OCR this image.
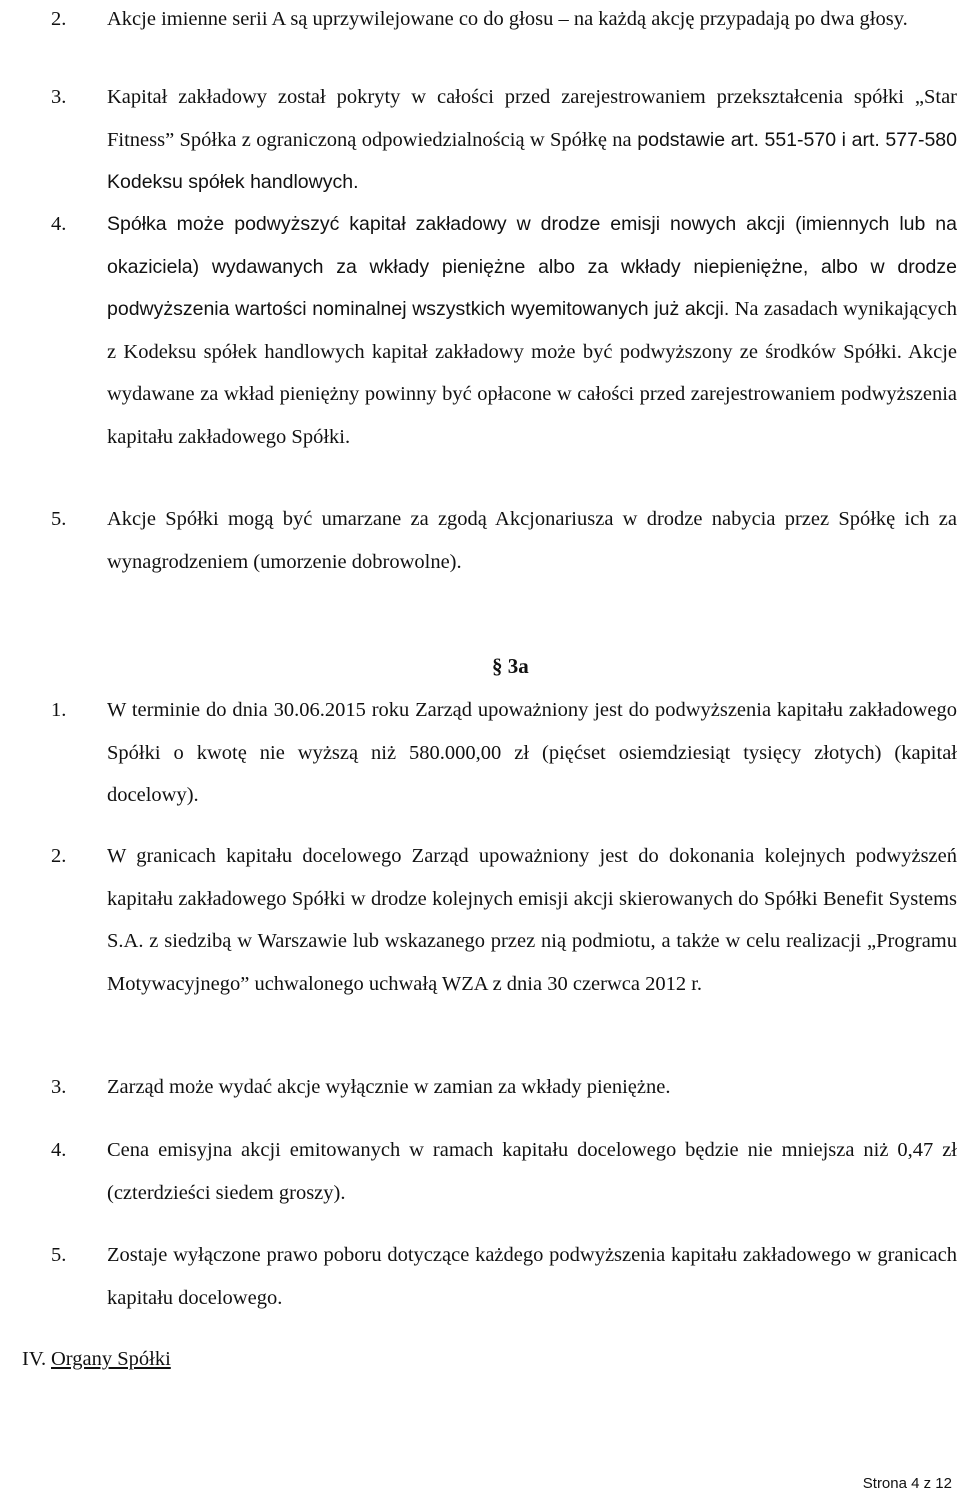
2. Akcje imienne serii A są uprzywilejowane co do głosu – na każdą akcję przypadają po dwa głosy.
3. Kapitał zakładowy został pokryty w całości przed zarejestrowaniem przekształcenia spółki „Star Fitness” Spółka z ograniczoną odpowiedzialnością w Spółkę na podstawie art. 551-570 i art. 577-580 Kodeksu spółek handlowych.
4. Spółka może podwyższyć kapitał zakładowy w drodze emisji nowych akcji (imiennych lub na okaziciela) wydawanych za wkłady pieniężne albo za wkłady niepieniężne, albo w drodze podwyższenia wartości nominalnej wszystkich wyemitowanych już akcji. Na zasadach wynikających z Kodeksu spółek handlowych kapitał zakładowy może być podwyższony ze środków Spółki. Akcje wydawane za wkład pieniężny powinny być opłacone w całości przed zarejestrowaniem podwyższenia kapitału zakładowego Spółki.
5. Akcje Spółki mogą być umarzane za zgodą Akcjonariusza w drodze nabycia przez Spółkę ich za wynagrodzeniem (umorzenie dobrowolne).
§ 3a
1. W terminie do dnia 30.06.2015 roku Zarząd upoważniony jest do podwyższenia kapitału zakładowego Spółki o kwotę nie wyższą niż 580.000,00 zł (pięćset osiemdziesiąt tysięcy złotych) (kapitał docelowy).
2. W granicach kapitału docelowego Zarząd upoważniony jest do dokonania kolejnych podwyższeń kapitału zakładowego Spółki w drodze kolejnych emisji akcji skierowanych do Spółki Benefit Systems S.A. z siedzibą w Warszawie lub wskazanego przez nią podmiotu, a także w celu realizacji „Programu Motywacyjnego” uchwalonego uchwałą WZA z dnia 30 czerwca 2012 r.
3. Zarząd może wydać akcje wyłącznie w zamian za wkłady pieniężne.
4. Cena emisyjna akcji emitowanych w ramach kapitału docelowego będzie nie mniejsza niż 0,47 zł (czterdzieści siedem groszy).
5. Zostaje wyłączone prawo poboru dotyczące każdego podwyższenia kapitału zakładowego w granicach kapitału docelowego.
IV. Organy Spółki
Strona 4 z 12
